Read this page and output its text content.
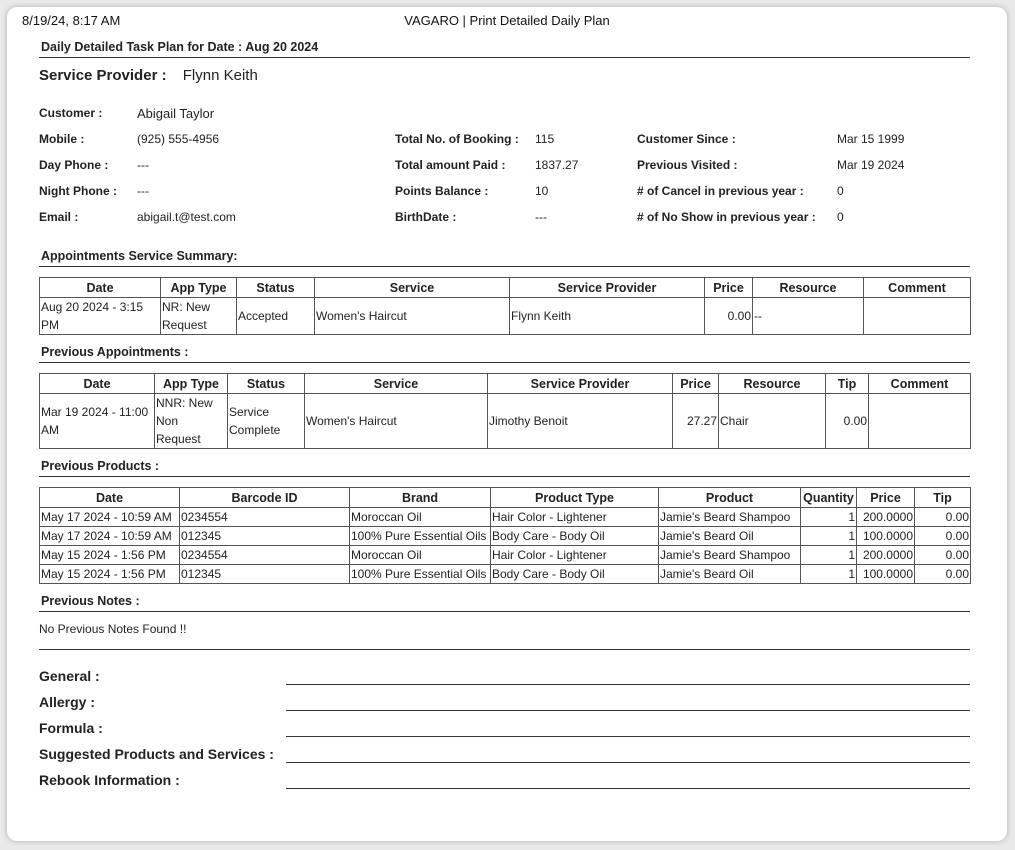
8/19/24, 8:17 AM	VAGARO | Print Detailed Daily Plan
Daily Detailed Task Plan for Date : Aug 20 2024
Service Provider : Flynn Keith
Customer :	Abigail Taylor
Mobile :	(925) 555-4956	Total No. of Booking : 115	Customer Since :	Mar 15 1999
Day Phone : ---	Total amount Paid : 1837.27	Previous Visited :	Mar 19 2024
Night Phone : ---	Points Balance :	10	# of Cancel in previous year :	0
Email :	abigail.t@test.com	BirthDate :	---	# of No Show in previous year : 0
Appointments Service Summary:
Date	App Type	Status	Service	Service Provider	Price	Resource	Comment
Aug 20 2024 - 3:15 PM	NR: New Request	Accepted	Women's Haircut	Flynn Keith	0.00	--	
Previous Appointments :
Date	App Type	Status	Service	Service Provider	Price	Resource	Tip	Comment
Mar 19 2024 - 11:00 AM	NNR: New Non Request	Service Complete	Women's Haircut	Jimothy Benoit	27.27	Chair	0.00	
Previous Products :
Date	Barcode ID	Brand	Product Type	Product	Quantity	Price	Tip
May 17 2024 - 10:59 AM	0234554	Moroccan Oil	Hair Color - Lightener	Jamie's Beard Shampoo	1	200.0000	0.00
May 17 2024 - 10:59 AM	012345	100% Pure Essential Oils	Body Care - Body Oil	Jamie's Beard Oil	1	100.0000	0.00
May 15 2024 - 1:56 PM	0234554	Moroccan Oil	Hair Color - Lightener	Jamie's Beard Shampoo	1	200.0000	0.00
May 15 2024 - 1:56 PM	012345	100% Pure Essential Oils	Body Care - Body Oil	Jamie's Beard Oil	1	100.0000	0.00
Previous Notes :
No Previous Notes Found !!
General :
Allergy :
Formula :
Suggested Products and Services :
Rebook Information :
